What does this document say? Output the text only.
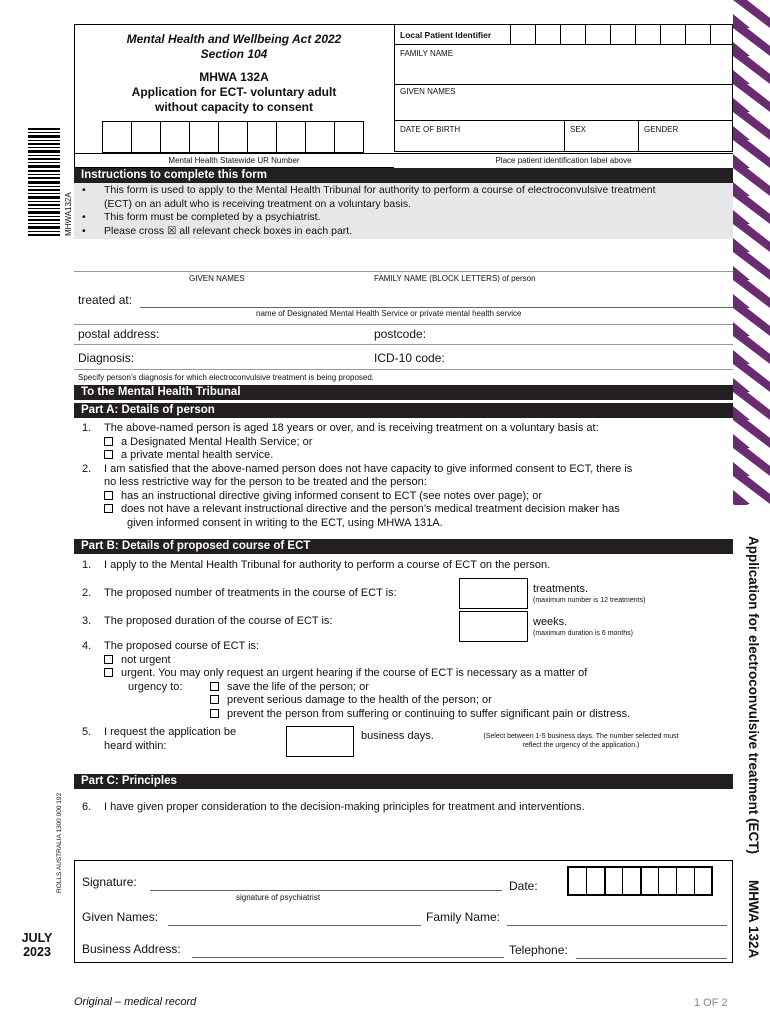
MHWA132A
Mental Health and Wellbeing Act 2022
Section 104
MHWA 132A
Application for ECT- voluntary adult
without capacity to consent
Mental Health Statewide UR Number
Local Patient Identifier
FAMILY NAME
GIVEN NAMES
DATE OF BIRTH	SEX	GENDER
Place patient identification label above
Instructions to complete this form
• This form is used to apply to the Mental Health Tribunal for authority to perform a course of electroconvulsive treatment
(ECT) on an adult who is receiving treatment on a voluntary basis.
• This form must be completed by a psychiatrist.
• Please cross ☒ all relevant check boxes in each part.
GIVEN NAMES	FAMILY NAME (BLOCK LETTERS) of person
treated at:
name of Designated Mental Health Service or private mental health service
postal address:	postcode:
Diagnosis:	ICD-10 code:
Specify person’s diagnosis for which electroconvulsive treatment is being proposed.
To the Mental Health Tribunal
Part A: Details of person
1. The above-named person is aged 18 years or over, and is receiving treatment on a voluntary basis at:
a Designated Mental Health Service; or
a private mental health service.
2. I am satisfied that the above-named person does not have capacity to give informed consent to ECT, there is
no less restrictive way for the person to be treated and the person:
has an instructional directive giving informed consent to ECT (see notes over page); or
does not have a relevant instructional directive and the person’s medical treatment decision maker has
given informed consent in writing to the ECT, using MHWA 131A.
Part B: Details of proposed course of ECT
1. I apply to the Mental Health Tribunal for authority to perform a course of ECT on the person.
2. The proposed number of treatments in the course of ECT is:	treatments.
(maximum number is 12 treatments)
3. The proposed duration of the course of ECT is:	weeks.
(maximum duration is 6 months)
4. The proposed course of ECT is:
not urgent
urgent. You may only request an urgent hearing if the course of ECT is necessary as a matter of
urgency to:	save the life of the person; or
prevent serious damage to the health of the person; or
prevent the person from suffering or continuing to suffer significant pain or distress.
5. I request the application be
heard within:
business days.	(Select between 1-5 business days. The number selected must
reflect the urgency of the application.)
Part C: Principles
6. I have given proper consideration to the decision-making principles for treatment and interventions.
Signature:
signature of psychiatrist
Date:
Given Names:	Family Name:
Business Address:	Telephone:
Application for electroconvulsive treatment (ECT)
MHWA 132A
ROLLS AUSTRALIA 1300 000 192
JULY
2023
Original – medical record	1 OF 2
